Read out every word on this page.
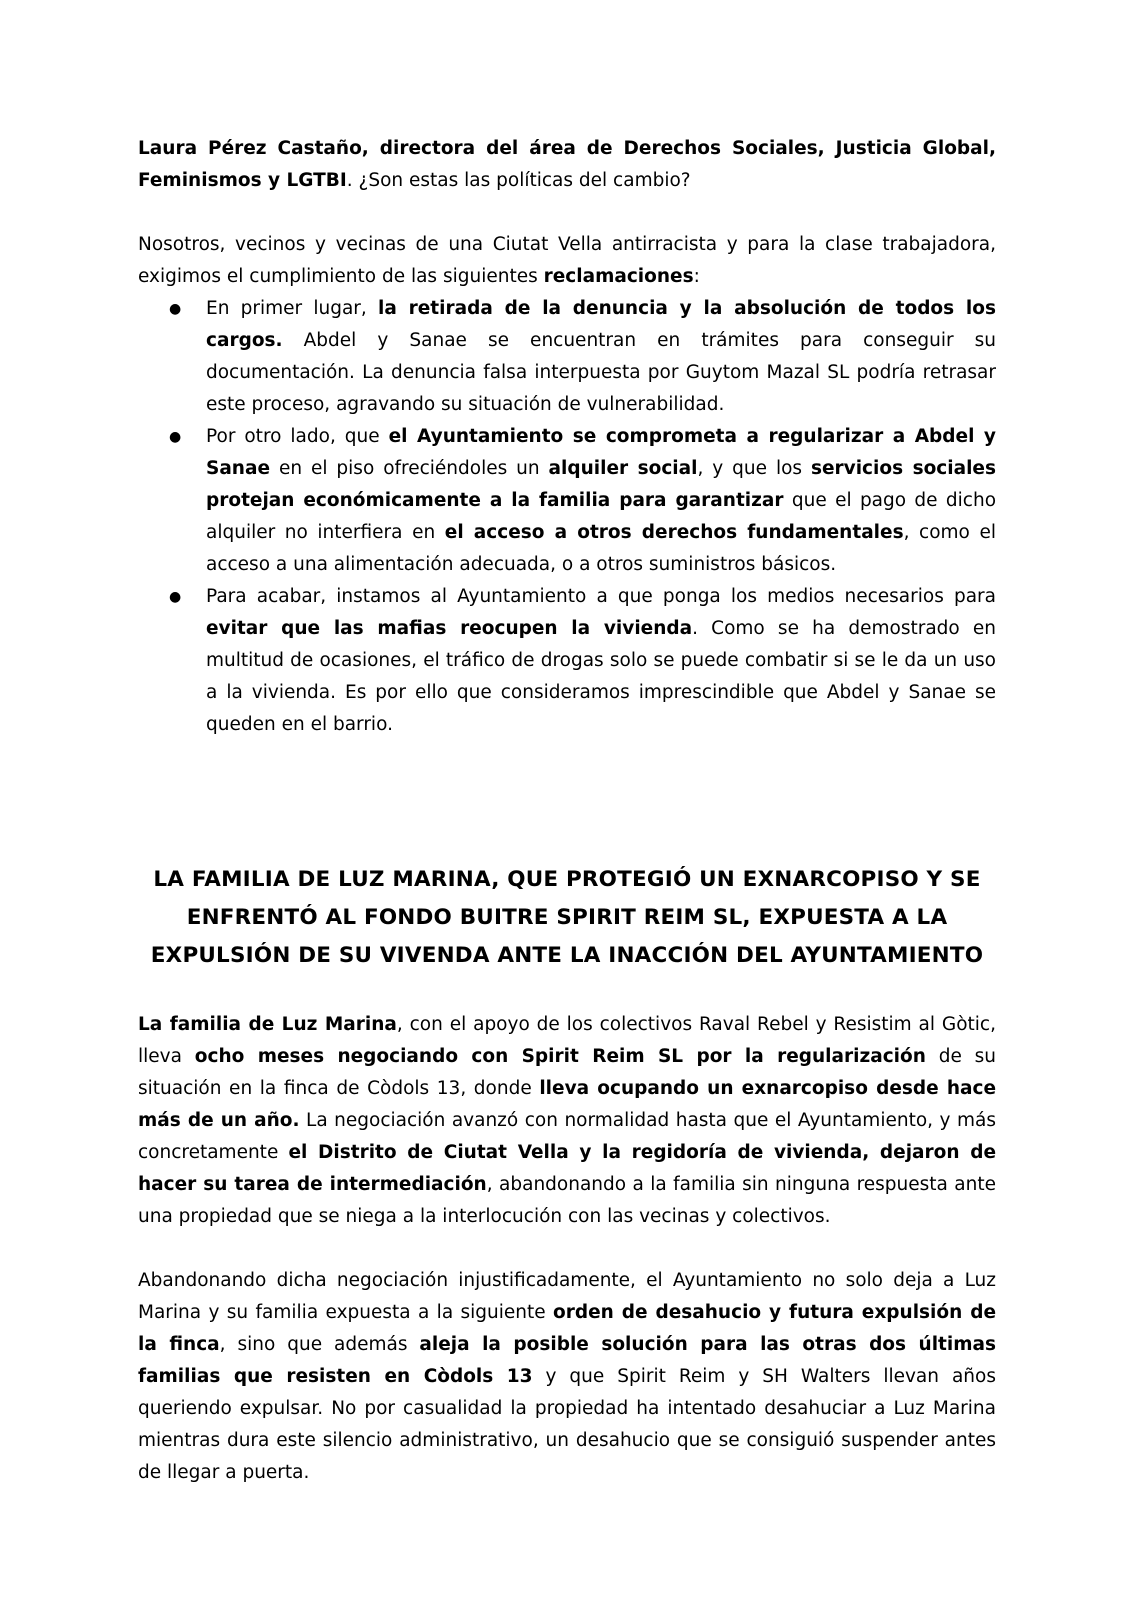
Laura Pérez Castaño, directora del área de Derechos Sociales, Justicia Global, Feminismos y LGTBI. ¿Son estas las políticas del cambio?

Nosotros, vecinos y vecinas de una Ciutat Vella antirracista y para la clase trabajadora, exigimos el cumplimiento de las siguientes reclamaciones:

● En primer lugar, la retirada de la denuncia y la absolución de todos los cargos. Abdel y Sanae se encuentran en trámites para conseguir su documentación. La denuncia falsa interpuesta por Guytom Mazal SL podría retrasar este proceso, agravando su situación de vulnerabilidad.
● Por otro lado, que el Ayuntamiento se comprometa a regularizar a Abdel y Sanae en el piso ofreciéndoles un alquiler social, y que los servicios sociales protejan económicamente a la familia para garantizar que el pago de dicho alquiler no interfiera en el acceso a otros derechos fundamentales, como el acceso a una alimentación adecuada, o a otros suministros básicos.
● Para acabar, instamos al Ayuntamiento a que ponga los medios necesarios para evitar que las mafias reocupen la vivienda. Como se ha demostrado en multitud de ocasiones, el tráfico de drogas solo se puede combatir si se le da un uso a la vivienda. Es por ello que consideramos imprescindible que Abdel y Sanae se queden en el barrio.
LA FAMILIA DE LUZ MARINA, QUE PROTEGIÓ UN EXNARCOPISO Y SE ENFRENTÓ AL FONDO BUITRE SPIRIT REIM SL, EXPUESTA A LA EXPULSIÓN DE SU VIVENDA ANTE LA INACCIÓN DEL AYUNTAMIENTO

La familia de Luz Marina, con el apoyo de los colectivos Raval Rebel y Resistim al Gòtic, lleva ocho meses negociando con Spirit Reim SL por la regularización de su situación en la finca de Còdols 13, donde lleva ocupando un exnarcopiso desde hace más de un año. La negociación avanzó con normalidad hasta que el Ayuntamiento, y más concretamente el Distrito de Ciutat Vella y la regidoría de vivienda, dejaron de hacer su tarea de intermediación, abandonando a la familia sin ninguna respuesta ante una propiedad que se niega a la interlocución con las vecinas y colectivos.

Abandonando dicha negociación injustificadamente, el Ayuntamiento no solo deja a Luz Marina y su familia expuesta a la siguiente orden de desahucio y futura expulsión de la finca, sino que además aleja la posible solución para las otras dos últimas familias que resisten en Còdols 13 y que Spirit Reim y SH Walters llevan años queriendo expulsar. No por casualidad la propiedad ha intentado desahuciar a Luz Marina mientras dura este silencio administrativo, un desahucio que se consiguió suspender antes de llegar a puerta.
